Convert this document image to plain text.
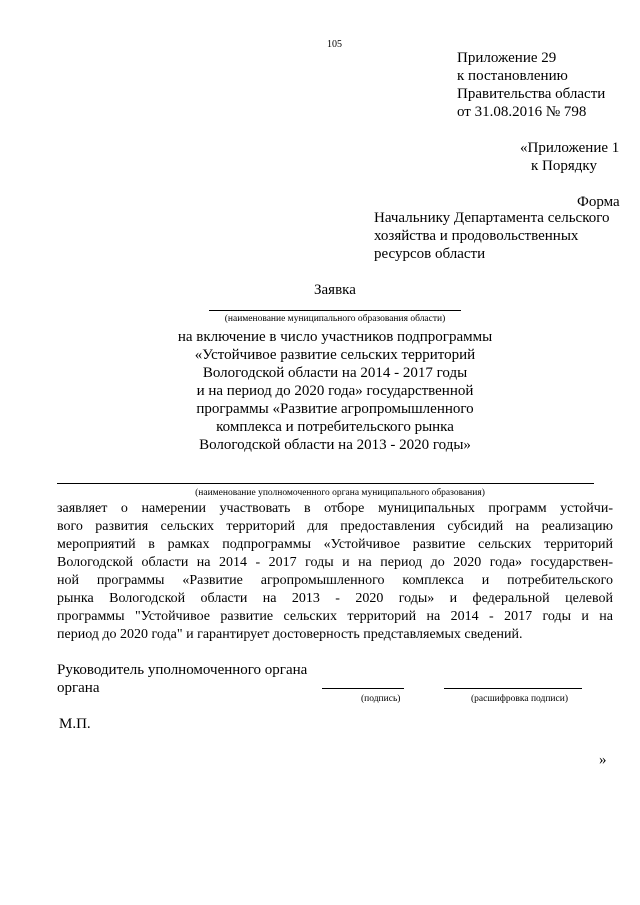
105
Приложение 29
к постановлению
Правительства области
от 31.08.2016 № 798
«Приложение 1
к Порядку
Форма
Начальнику Департамента сельского
хозяйства и продовольственных
ресурсов области
Заявка
(наименование муниципального образования области)
на включение в число участников подпрограммы
«Устойчивое развитие сельских территорий
Вологодской области на 2014 - 2017 годы
и на период до 2020 года» государственной
программы «Развитие агропромышленного
комплекса и потребительского рынка
Вологодской области на 2013 - 2020 годы»
(наименование уполномоченного органа муниципального образования)
заявляет о намерении участвовать в отборе муниципальных программ устойчи-
вого развития сельских территорий для предоставления субсидий на реализацию
мероприятий в рамках подпрограммы «Устойчивое развитие сельских территорий
Вологодской области на 2014 - 2017 годы и на период до 2020 года» государствен-
ной программы «Развитие агропромышленного комплекса и потребительского
рынка Вологодской области на 2013 - 2020 годы» и федеральной целевой
программы "Устойчивое развитие сельских территорий на 2014 - 2017 годы и на
период до 2020 года" и гарантирует достоверность представляемых сведений.
Руководитель уполномоченного органа
органа
(подпись)	(расшифровка подписи)
М.П.
»
